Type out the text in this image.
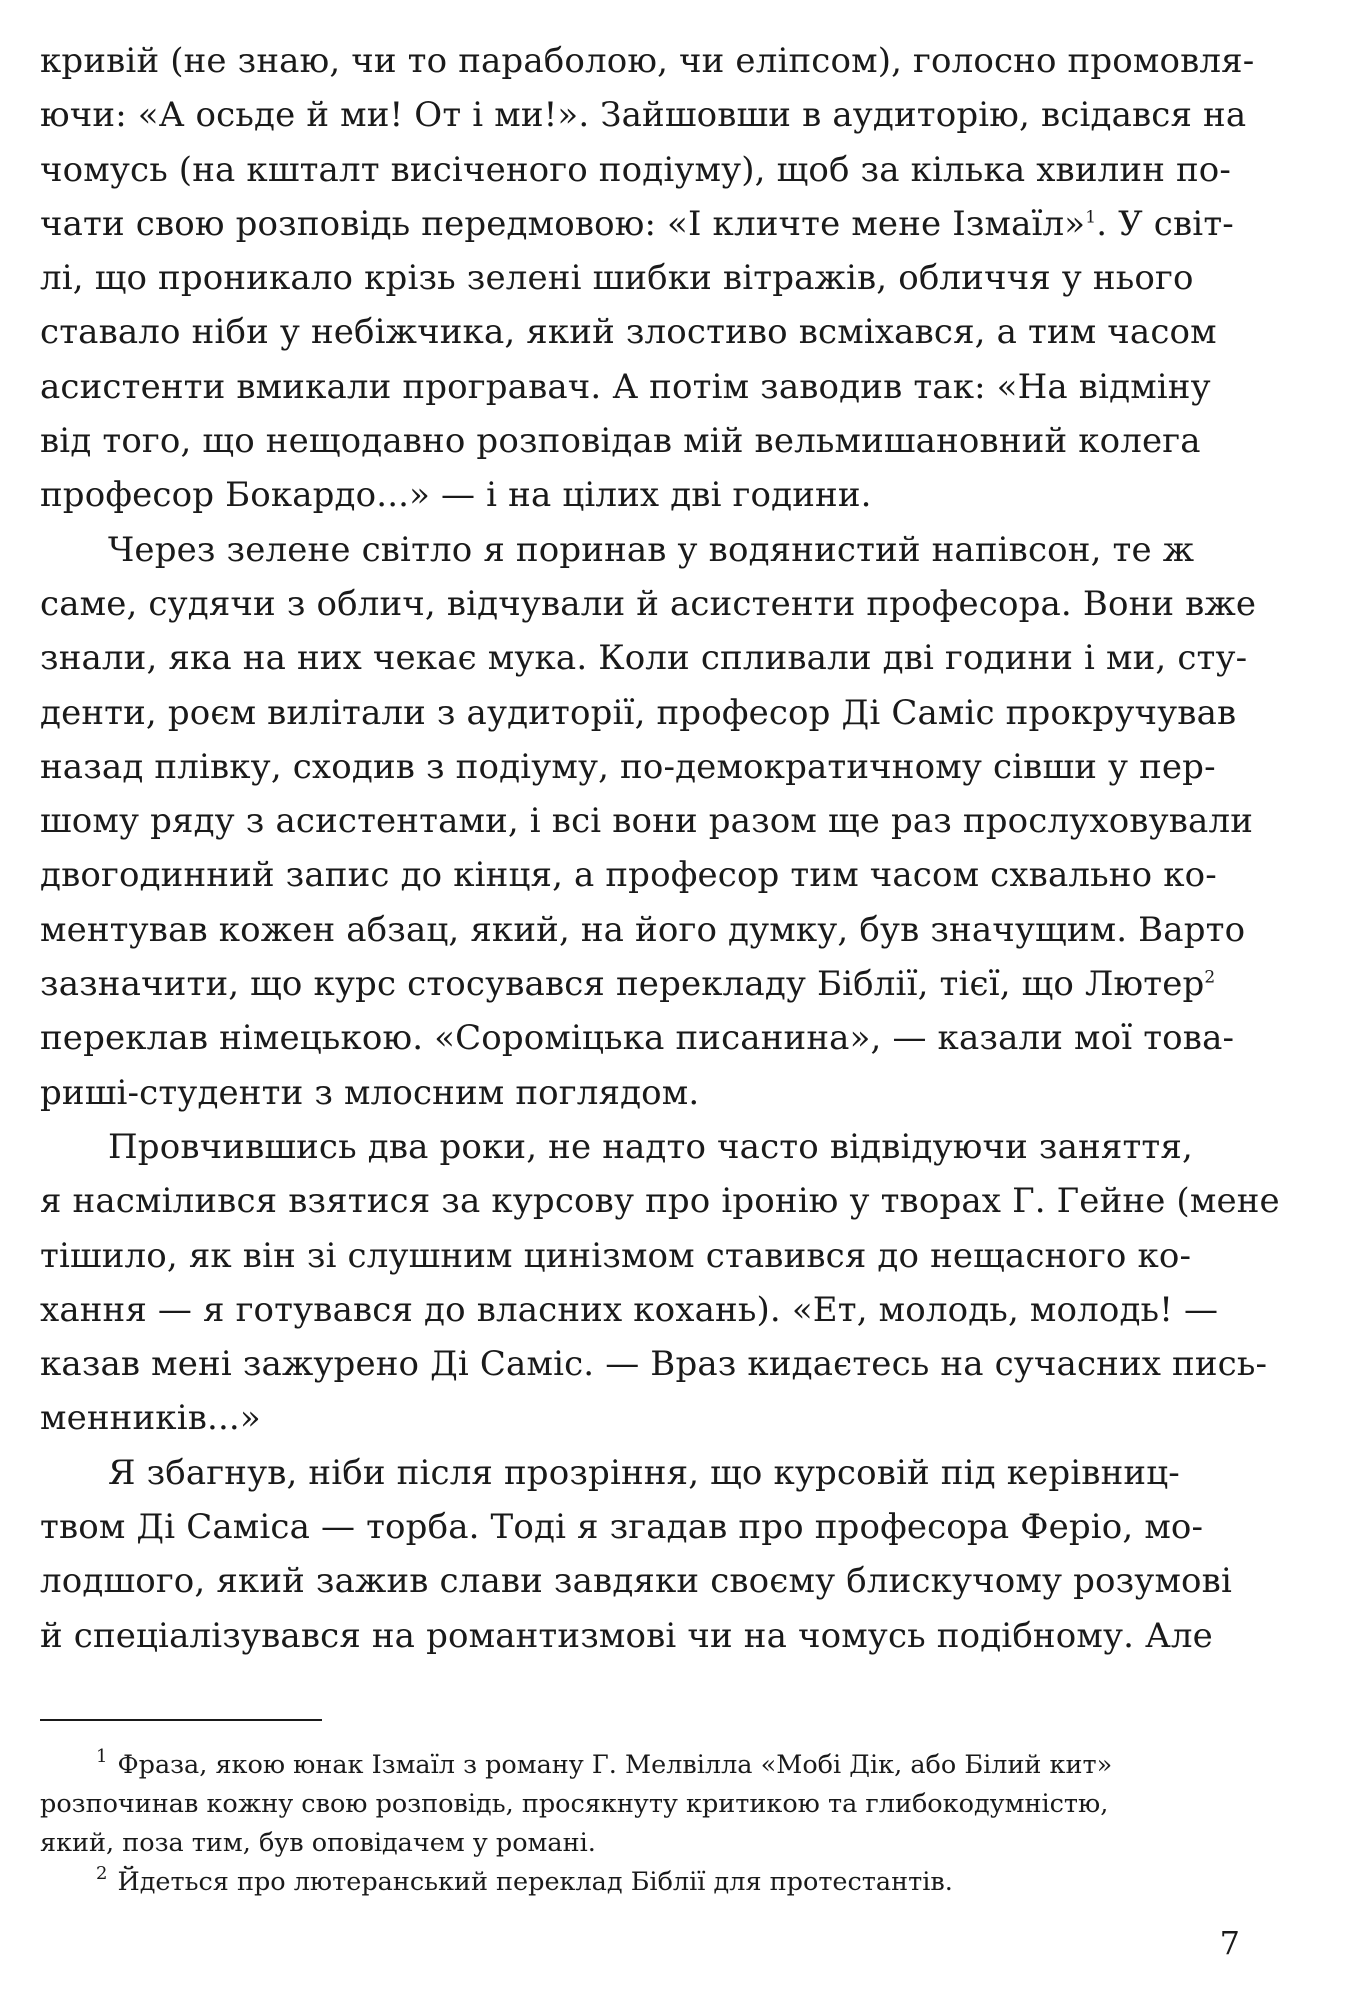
кривій (не знаю, чи то параболою, чи еліпсом), голосно промовля-
ючи: «А осьде й ми! От і ми!». Зайшовши в аудиторію, всідався на
чомусь (на кшталт висіченого подіуму), щоб за кілька хвилин по-
чати свою розповідь передмовою: «І кличте мене Ізмаїл»$^1$. У світ-
лі, що проникало крізь зелені шибки вітражів, обличчя у нього
ставало ніби у небіжчика, який злостиво всміхався, а тим часом
асистенти вмикали програвач. А потім заводив так: «На відміну
від того, що нещодавно розповідав мій вельмишановний колега
професор Бокардо...» — і на цілих дві години.
Через зелене світло я поринав у водянистий напівсон, те ж
саме, судячи з облич, відчували й асистенти професора. Вони вже
знали, яка на них чекає мука. Коли спливали дві години і ми, сту-
денти, роєм вилітали з аудиторії, професор Ді Саміс прокручував
назад плівку, сходив з подіуму, по-демократичному сівши у пер-
шому ряду з асистентами, і всі вони разом ще раз прослуховували
двогодинний запис до кінця, а професор тим часом схвально ко-
ментував кожен абзац, який, на його думку, був значущим. Варто
зазначити, що курс стосувався перекладу Біблії, тієї, що Лютер$^2$
переклав німецькою. «Сороміцька писанина», — казали мої това-
риші-студенти з млосним поглядом.
Провчившись два роки, не надто часто відвідуючи заняття,
я насмілився взятися за курсову про іронію у творах Г. Гейне (мене
тішило, як він зі слушним цинізмом ставився до нещасного ко-
хання — я готувався до власних кохань). «Ет, молодь, молодь! —
казав мені зажурено Ді Саміс. — Враз кидаєтесь на сучасних пись-
менників...»
Я збагнув, ніби після прозріння, що курсовій під керівниц-
твом Ді Саміса — торба. Тоді я згадав про професора Феріо, мо-
лодшого, який зажив слави завдяки своєму блискучому розумові
й спеціалізувався на романтизмові чи на чомусь подібному. Але
1 Фраза, якою юнак Ізмаїл з роману Г. Мелвілла «Мобі Дік, або Білий кит»
розпочинав кожну свою розповідь, просякнуту критикою та глибокодумністю,
який, поза тим, був оповідачем у романі.
2 Йдеться про лютеранський переклад Біблії для протестантів.
7
